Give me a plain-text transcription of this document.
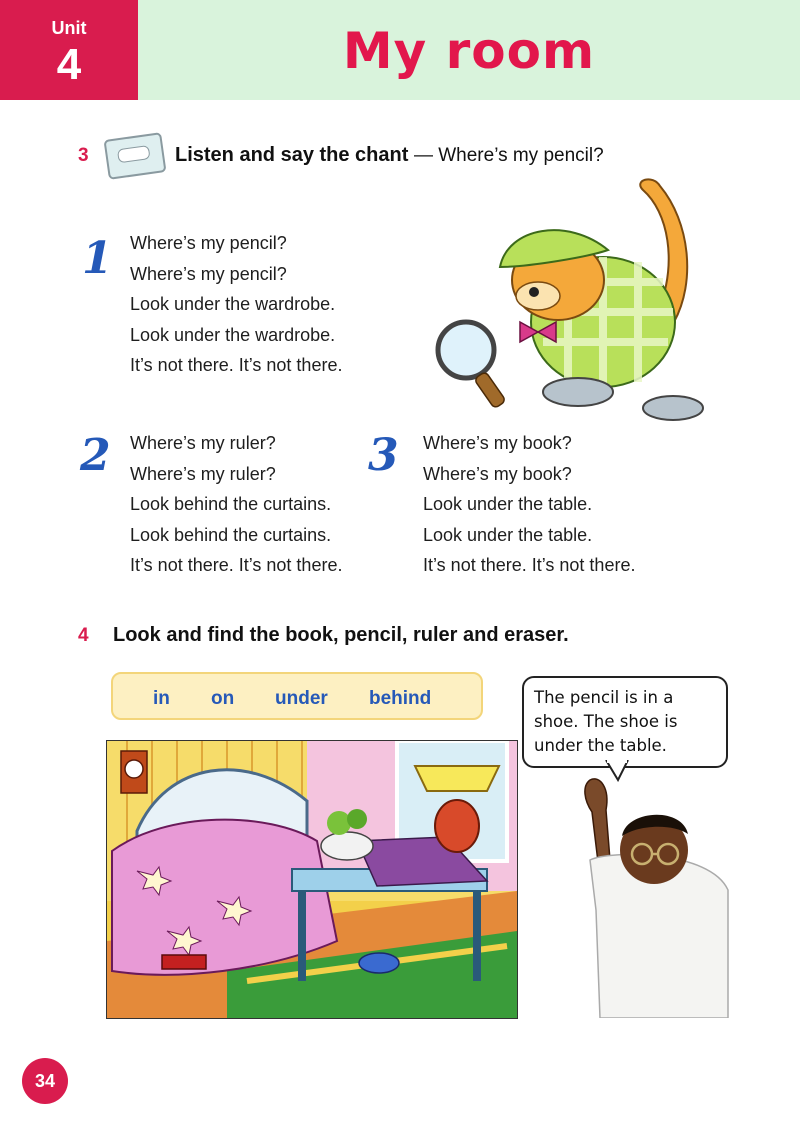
Unit
4	My room
3	Listen and say the chant — Where’s my pencil?
1 Where’s my pencil?
Where’s my pencil?
Look under the wardrobe.
Look under the wardrobe.
It’s not there. It’s not there.
2 Where’s my ruler?
Where’s my ruler?
Look behind the curtains.
Look behind the curtains.
It’s not there. It’s not there.
3 Where’s my book?
Where’s my book?
Look under the table.
Look under the table.
It’s not there. It’s not there.
4 Look and find the book, pencil, ruler and eraser.
in on under behind	The pencil is in a shoe. The shoe is under the table.
34
